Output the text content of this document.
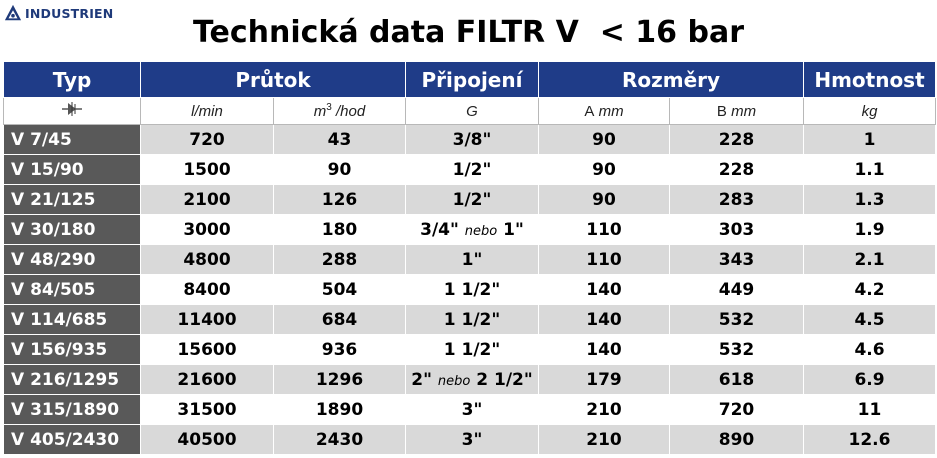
INDUSTRIEN
Technická data FILTR V  < 16 bar
Typ	Průtok		Připojení	Rozměry		Hmotnost
	l/min	$m^3$ /hod	G	A mm	B mm	kg
V 7/45	720	43	3/8"	90	228	1
V 15/90	1500	90	1/2"	90	228	1.1
V 21/125	2100	126	1/2"	90	283	1.3
V 30/180	3000	180	3/4" nebo 1"	110	303	1.9
V 48/290	4800	288	1"	110	343	2.1
V 84/505	8400	504	1 1/2"	140	449	4.2
V 114/685	11400	684	1 1/2"	140	532	4.5
V 156/935	15600	936	1 1/2"	140	532	4.6
V 216/1295	21600	1296	2" nebo 2 1/2"	179	618	6.9
V 315/1890	31500	1890	3"	210	720	11
V 405/2430	40500	2430	3"	210	890	12.6
